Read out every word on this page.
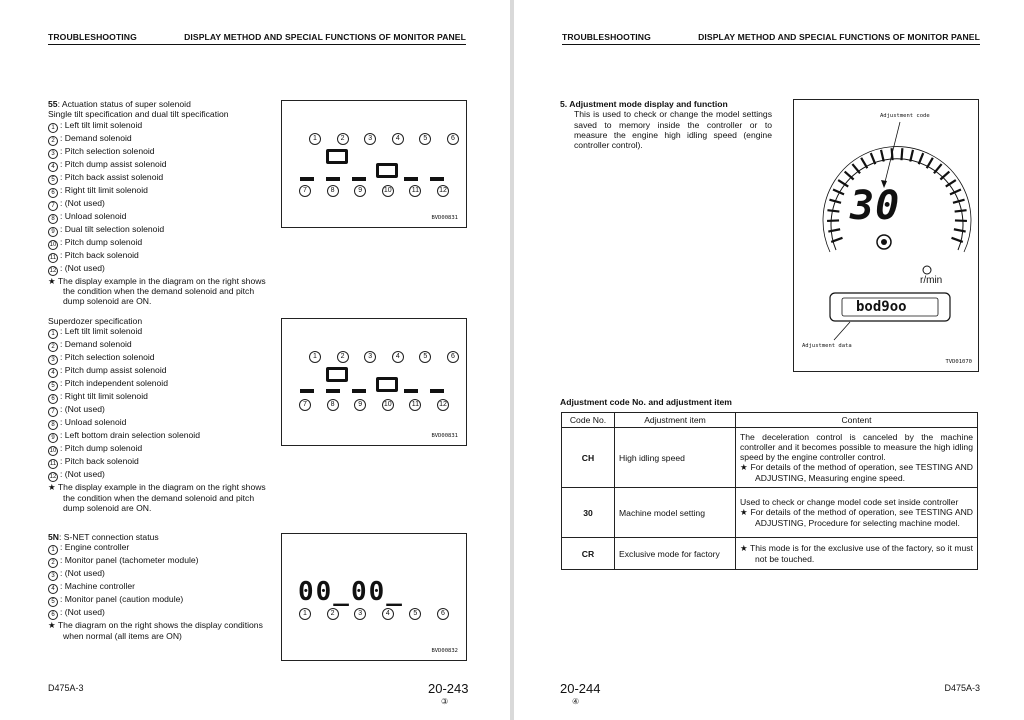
TROUBLESHOOTING	DISPLAY METHOD AND SPECIAL FUNCTIONS OF MONITOR PANEL
55: Actuation status of super solenoid
Single tilt specification and dual tilt specification
1 : Left tilt limit solenoid
2 : Demand solenoid
3 : Pitch selection solenoid
4 : Pitch dump assist solenoid
5 : Pitch back assist solenoid
6 : Right tilt limit solenoid
7 : (Not used)
8 : Unload solenoid
9 : Dual tilt selection solenoid
10 : Pitch dump solenoid
11 : Pitch back solenoid
12 : (Not used)
★ The display example in the diagram on the right shows the condition when the demand solenoid and pitch dump solenoid are ON.
1	2	3	4	5	6
7	8	9	10	11	12
BVD00831
Superdozer specification
1 : Left tilt limit solenoid
2 : Demand solenoid
3 : Pitch selection solenoid
4 : Pitch dump assist solenoid
5 : Pitch independent solenoid
6 : Right tilt limit solenoid
7 : (Not used)
8 : Unload solenoid
9 : Left bottom drain selection solenoid
10 : Pitch dump solenoid
11 : Pitch back solenoid
12 : (Not used)
★ The display example in the diagram on the right shows the condition when the demand solenoid and pitch dump solenoid are ON.
1	2	3	4	5	6
7	8	9	10	11	12
BVD00831
5N: S-NET connection status
1 : Engine controller
2 : Monitor panel (tachometer module)
3 : (Not used)
4 : Machine controller
5 : Monitor panel (caution module)
6 : (Not used)
★ The diagram on the right shows the display conditions when normal (all items are ON)
00_00_
1	2	3	4	5	6
BVD00832
D475A-3	20-243
③
TROUBLESHOOTING	DISPLAY METHOD AND SPECIAL FUNCTIONS OF MONITOR PANEL
5. Adjustment mode display and function
This is used to check or change the model settings saved to memory inside the controller or to measure the engine high idling speed (engine controller control).
Adjustment code
30
r/min
bod9oo
Adjustment data
TVD01070
Adjustment code No. and adjustment item
Code No.	Adjustment item	Content
CH	High idling speed	The deceleration control is canceled by the machine controller and it becomes possible to measure the high idling speed by the engine controller control.
★ For details of the method of operation, see TESTING AND ADJUSTING, Measuring engine speed.

30	Machine model setting	Used to check or change model code set inside controller
★ For details of the method of operation, see TESTING AND ADJUSTING, Procedure for selecting machine model.

CR	Exclusive mode for factory	★ This mode is for the exclusive use of the factory, so it must not be touched.
20-244
④
D475A-3
